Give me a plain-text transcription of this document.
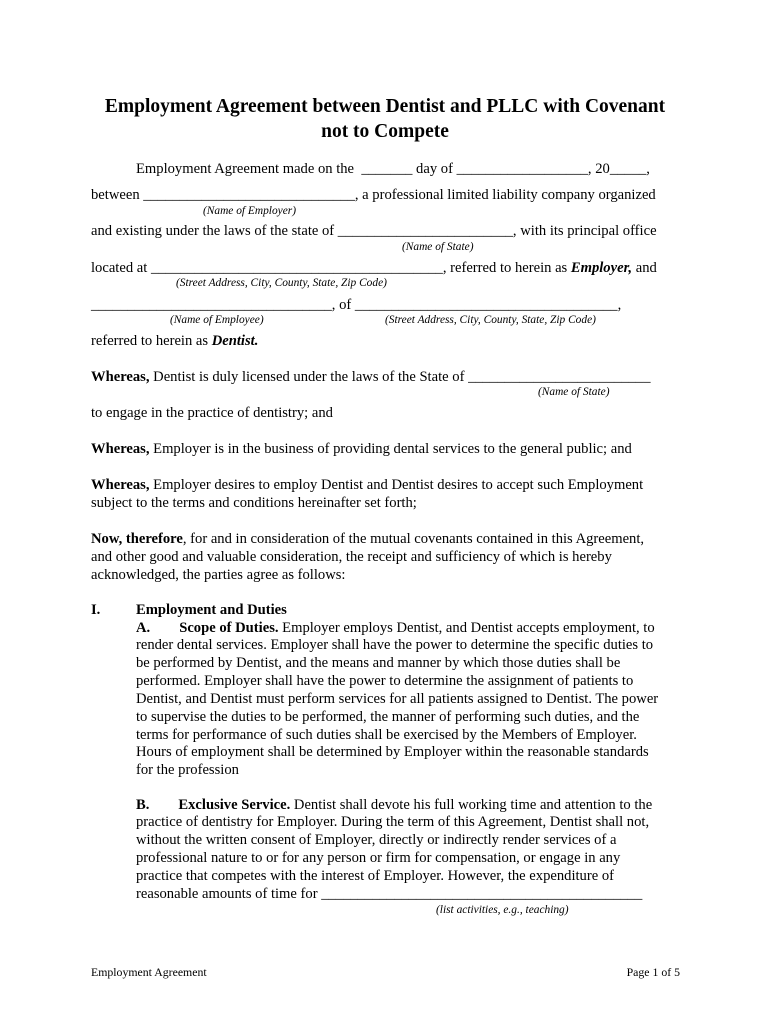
Employment Agreement between Dentist and PLLC with Covenant
not to Compete
Employment Agreement made on the  _______ day of __________________, 20_____,
between _____________________________, a professional limited liability company organized
(Name of Employer)
and existing under the laws of the state of ________________________, with its principal office
(Name of State)
located at ________________________________________, referred to herein as Employer, and
(Street Address, City, County, State, Zip Code)
_________________________________, of ____________________________________,
(Name of Employee)	(Street Address, City, County, State, Zip Code)
referred to herein as Dentist.
Whereas, Dentist is duly licensed under the laws of the State of _________________________
(Name of State)
to engage in the practice of dentistry; and
Whereas, Employer is in the business of providing dental services to the general public; and
Whereas, Employer desires to employ Dentist and Dentist desires to accept such Employment
subject to the terms and conditions hereinafter set forth;
Now, therefore, for and in consideration of the mutual covenants contained in this Agreement,
and other good and valuable consideration, the receipt and sufficiency of which is hereby
acknowledged, the parties agree as follows:
I. Employment and Duties
A. Scope of Duties. Employer employs Dentist, and Dentist accepts employment, to
render dental services. Employer shall have the power to determine the specific duties to
be performed by Dentist, and the means and manner by which those duties shall be
performed. Employer shall have the power to determine the assignment of patients to
Dentist, and Dentist must perform services for all patients assigned to Dentist. The power
to supervise the duties to be performed, the manner of performing such duties, and the
terms for performance of such duties shall be exercised by the Members of Employer.
Hours of employment shall be determined by Employer within the reasonable standards
for the profession
B. Exclusive Service. Dentist shall devote his full working time and attention to the
practice of dentistry for Employer. During the term of this Agreement, Dentist shall not,
without the written consent of Employer, directly or indirectly render services of a
professional nature to or for any person or firm for compensation, or engage in any
practice that competes with the interest of Employer. However, the expenditure of
reasonable amounts of time for ____________________________________________
(list activities, e.g., teaching)
Employment Agreement	Page 1 of 5
